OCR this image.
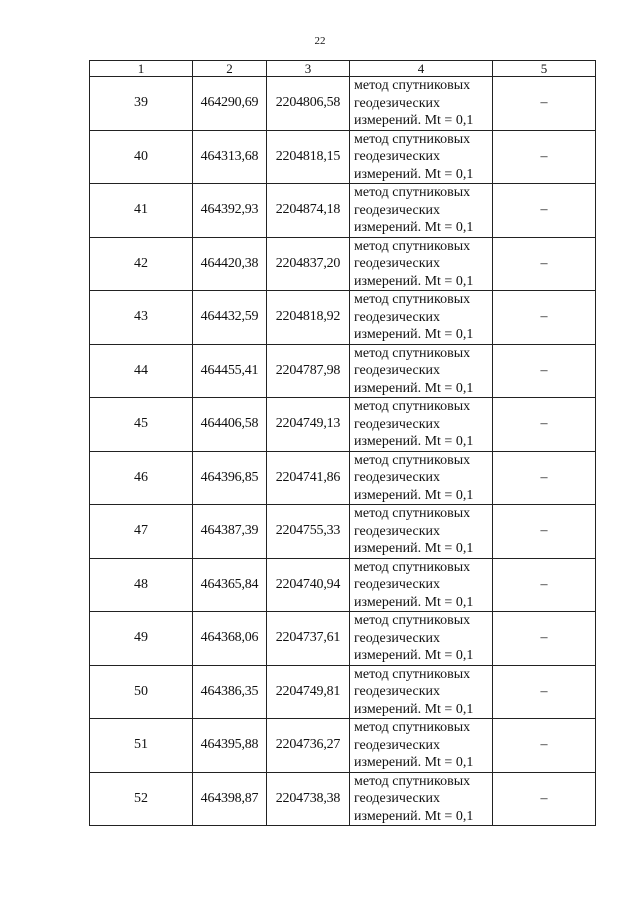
22
1	2	3	4	5
39	464290,69	2204806,58	метод спутниковых
геодезических
измерений. Mt = 0,1	–
40	464313,68	2204818,15	метод спутниковых
геодезических
измерений. Mt = 0,1	–
41	464392,93	2204874,18	метод спутниковых
геодезических
измерений. Mt = 0,1	–
42	464420,38	2204837,20	метод спутниковых
геодезических
измерений. Mt = 0,1	–
43	464432,59	2204818,92	метод спутниковых
геодезических
измерений. Mt = 0,1	–
44	464455,41	2204787,98	метод спутниковых
геодезических
измерений. Mt = 0,1	–
45	464406,58	2204749,13	метод спутниковых
геодезических
измерений. Mt = 0,1	–
46	464396,85	2204741,86	метод спутниковых
геодезических
измерений. Mt = 0,1	–
47	464387,39	2204755,33	метод спутниковых
геодезических
измерений. Mt = 0,1	–
48	464365,84	2204740,94	метод спутниковых
геодезических
измерений. Mt = 0,1	–
49	464368,06	2204737,61	метод спутниковых
геодезических
измерений. Mt = 0,1	–
50	464386,35	2204749,81	метод спутниковых
геодезических
измерений. Mt = 0,1	–
51	464395,88	2204736,27	метод спутниковых
геодезических
измерений. Mt = 0,1	–
52	464398,87	2204738,38	метод спутниковых
геодезических
измерений. Mt = 0,1	–
